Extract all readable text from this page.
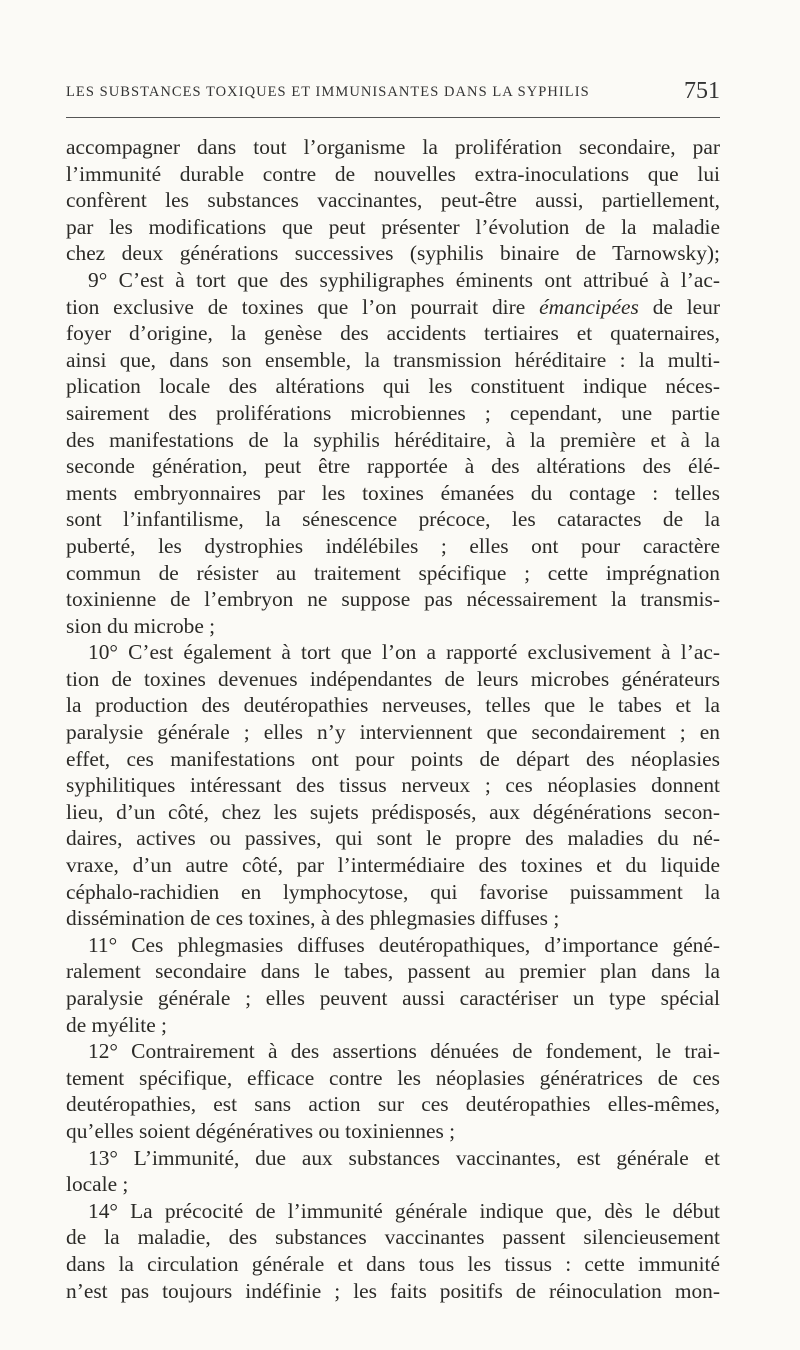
LES SUBSTANCES TOXIQUES ET IMMUNISANTES DANS LA SYPHILIS	751
accompagner dans tout l’organisme la prolifération secondaire, par
l’immunité durable contre de nouvelles extra-inoculations que lui
confèrent les substances vaccinantes, peut-être aussi, partiellement,
par les modifications que peut présenter l’évolution de la maladie
chez deux générations successives (syphilis binaire de Tarnowsky);
9° C’est à tort que des syphiligraphes éminents ont attribué à l’ac-
tion exclusive de toxines que l’on pourrait dire émancipées de leur
foyer d’origine, la genèse des accidents tertiaires et quaternaires,
ainsi que, dans son ensemble, la transmission héréditaire : la multi-
plication locale des altérations qui les constituent indique néces-
sairement des proliférations microbiennes ; cependant, une partie
des manifestations de la syphilis héréditaire, à la première et à la
seconde génération, peut être rapportée à des altérations des élé-
ments embryonnaires par les toxines émanées du contage : telles
sont l’infantilisme, la sénescence précoce, les cataractes de la
puberté, les dystrophies indélébiles ; elles ont pour caractère
commun de résister au traitement spécifique ; cette imprégnation
toxinienne de l’embryon ne suppose pas nécessairement la transmis-
sion du microbe ;
10° C’est également à tort que l’on a rapporté exclusivement à l’ac-
tion de toxines devenues indépendantes de leurs microbes générateurs
la production des deutéropathies nerveuses, telles que le tabes et la
paralysie générale ; elles n’y interviennent que secondairement ; en
effet, ces manifestations ont pour points de départ des néoplasies
syphilitiques intéressant des tissus nerveux ; ces néoplasies donnent
lieu, d’un côté, chez les sujets prédisposés, aux dégénérations secon-
daires, actives ou passives, qui sont le propre des maladies du né-
vraxe, d’un autre côté, par l’intermédiaire des toxines et du liquide
céphalo-rachidien en lymphocytose, qui favorise puissamment la
dissémination de ces toxines, à des phlegmasies diffuses ;
11° Ces phlegmasies diffuses deutéropathiques, d’importance géné-
ralement secondaire dans le tabes, passent au premier plan dans la
paralysie générale ; elles peuvent aussi caractériser un type spécial
de myélite ;
12° Contrairement à des assertions dénuées de fondement, le trai-
tement spécifique, efficace contre les néoplasies génératrices de ces
deutéropathies, est sans action sur ces deutéropathies elles-mêmes,
qu’elles soient dégénératives ou toxiniennes ;
13° L’immunité, due aux substances vaccinantes, est générale et
locale ;
14° La précocité de l’immunité générale indique que, dès le début
de la maladie, des substances vaccinantes passent silencieusement
dans la circulation générale et dans tous les tissus : cette immunité
n’est pas toujours indéfinie ; les faits positifs de réinoculation mon-
